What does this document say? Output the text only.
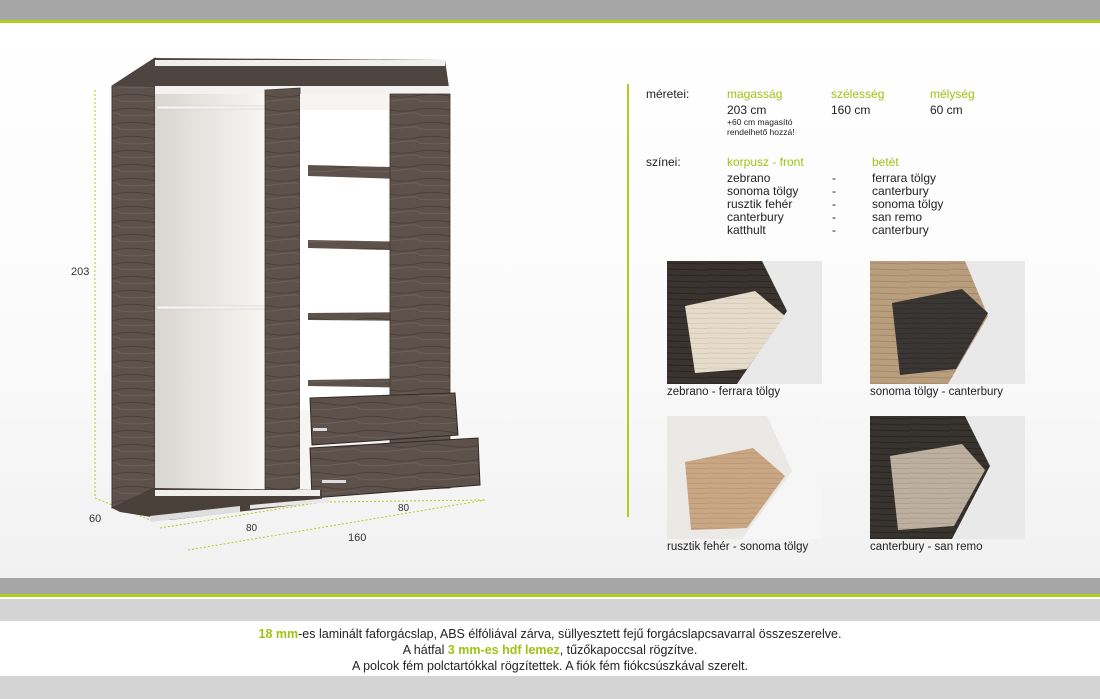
203
60
80
80
160
méretei:	magasság	szélesség	mélység
203 cm	160 cm	60 cm
+60 cm magasító
rendelhető hozzá!
színei:	korpusz - front	betét
zebrano	-	ferrara tölgy
sonoma tölgy	-	canterbury
rusztik fehér	-	sonoma tölgy
canterbury	-	san remo
katthult	-	canterbury
zebrano - ferrara tölgy	sonoma tölgy - canterbury
rusztik fehér - sonoma tölgy	canterbury - san remo
18 mm-es laminált faforgácslap, ABS élfóliával zárva, süllyesztett fejű forgácslapcsavarral összeszerelve.
A hátfal 3 mm-es hdf lemez, tűzőkapoccsal rögzítve.
A polcok fém polctartókkal rögzítettek. A fiók fém fiókcsúszkával szerelt.
